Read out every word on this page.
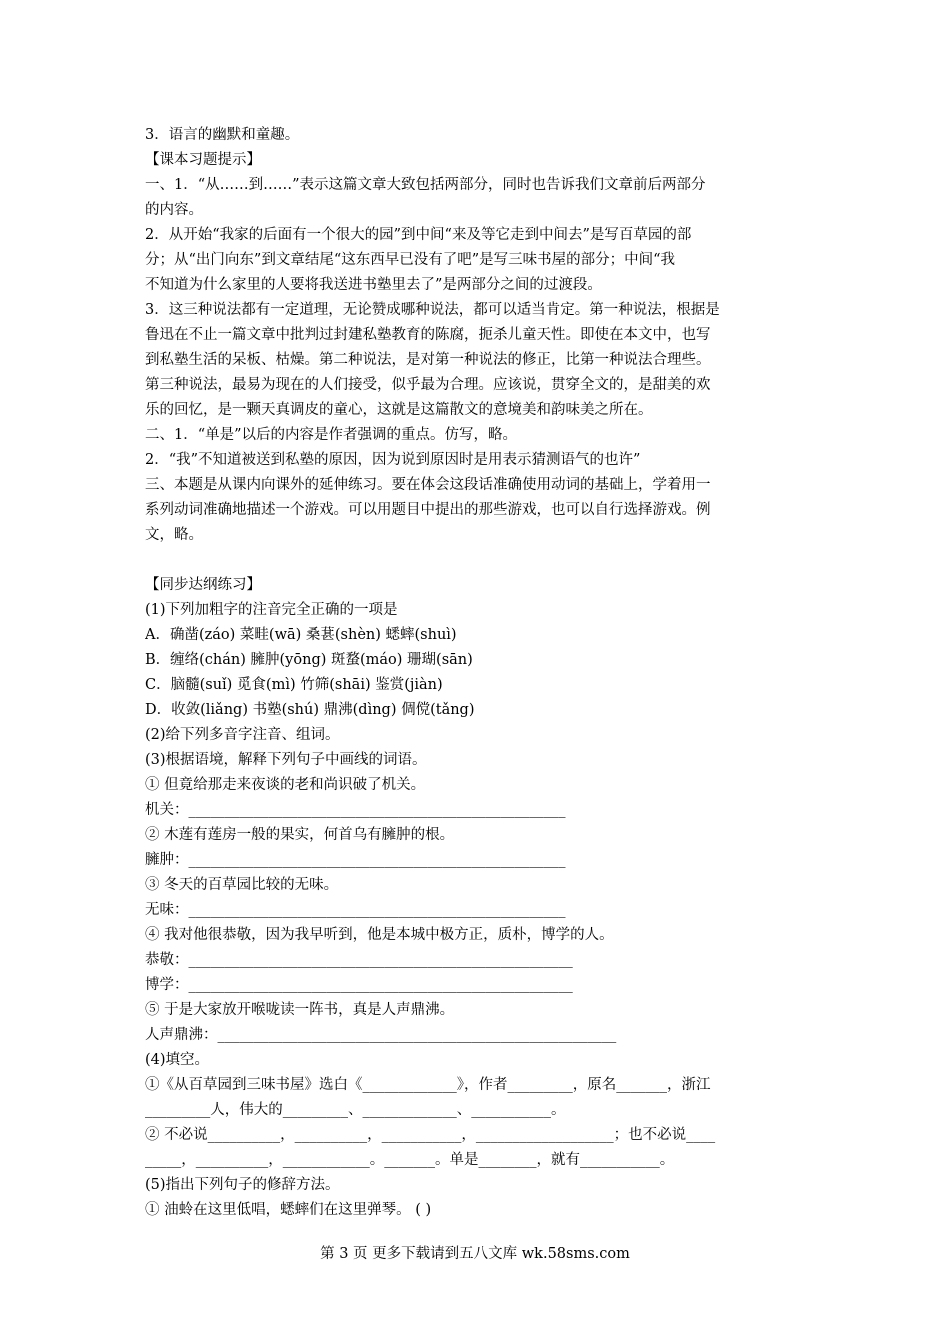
3．语言的幽默和童趣。
【课本习题提示】
一、1．“从……到……”表示这篇文章大致包括两部分，同时也告诉我们文章前后两部分
的内容。
2．从开始“我家的后面有一个很大的园”到中间“来及等它走到中间去”是写百草园的部
分；从“出门向东”到文章结尾“这东西早已没有了吧”是写三味书屋的部分；中间“我
不知道为什么家里的人要将我送进书塾里去了”是两部分之间的过渡段。
3．这三种说法都有一定道理，无论赞成哪种说法，都可以适当肯定。第一种说法，根据是
鲁迅在不止一篇文章中批判过封建私塾教育的陈腐，扼杀儿童天性。即使在本文中，也写
到私塾生活的呆板、枯燥。第二种说法，是对第一种说法的修正，比第一种说法合理些。
第三种说法，最易为现在的人们接受，似乎最为合理。应该说，贯穿全文的，是甜美的欢
乐的回忆，是一颗天真调皮的童心，这就是这篇散文的意境美和韵味美之所在。
二、1．“单是”以后的内容是作者强调的重点。仿写，略。
2．“我”不知道被送到私塾的原因，因为说到原因时是用表示猜测语气的也许”
三、本题是从课内向课外的延伸练习。要在体会这段话准确使用动词的基础上，学着用一
系列动词准确地描述一个游戏。可以用题目中提出的那些游戏，也可以自行选择游戏。例
文，略。
【同步达纲练习】
(1)下列加粗字的注音完全正确的一项是
A．确凿(záo) 菜畦(wā) 桑葚(shèn) 蟋蟀(shuì)
B．缠络(chán) 臃肿(yōng) 斑蝥(máo) 珊瑚(sān)
C．脑髓(suǐ) 觅食(mì) 竹筛(shāi) 鉴赏(jiàn)
D．收敛(liǎng) 书塾(shú) 鼎沸(dìng) 倜傥(tǎng)
(2)给下列多音字注音、组词。
(3)根据语境，解释下列句子中画线的词语。
① 但竟给那走来夜谈的老和尚识破了机关。
机关：____________________________________________________
② 木莲有莲房一般的果实，何首乌有臃肿的根。
臃肿：____________________________________________________
③ 冬天的百草园比较的无味。
无味：____________________________________________________
④ 我对他很恭敬，因为我早听到，他是本城中极方正，质朴，博学的人。
恭敬：_____________________________________________________
博学：_____________________________________________________
⑤ 于是大家放开喉咙读一阵书，真是人声鼎沸。
人声鼎沸：_______________________________________________________
(4)填空。
①《从百草园到三味书屋》选白《_____________》，作者_________，原名_______，浙江
_________人，伟大的_________、_____________、___________。
② 不必说__________，__________，___________，___________________；也不必说____
_____，__________，____________。_______。单是________，就有___________。
(5)指出下列句子的修辞方法。
① 油蛉在这里低唱，蟋蟀们在这里弹琴。 ( )
第 3 页 更多下载请到五八文库 wk.58sms.com
